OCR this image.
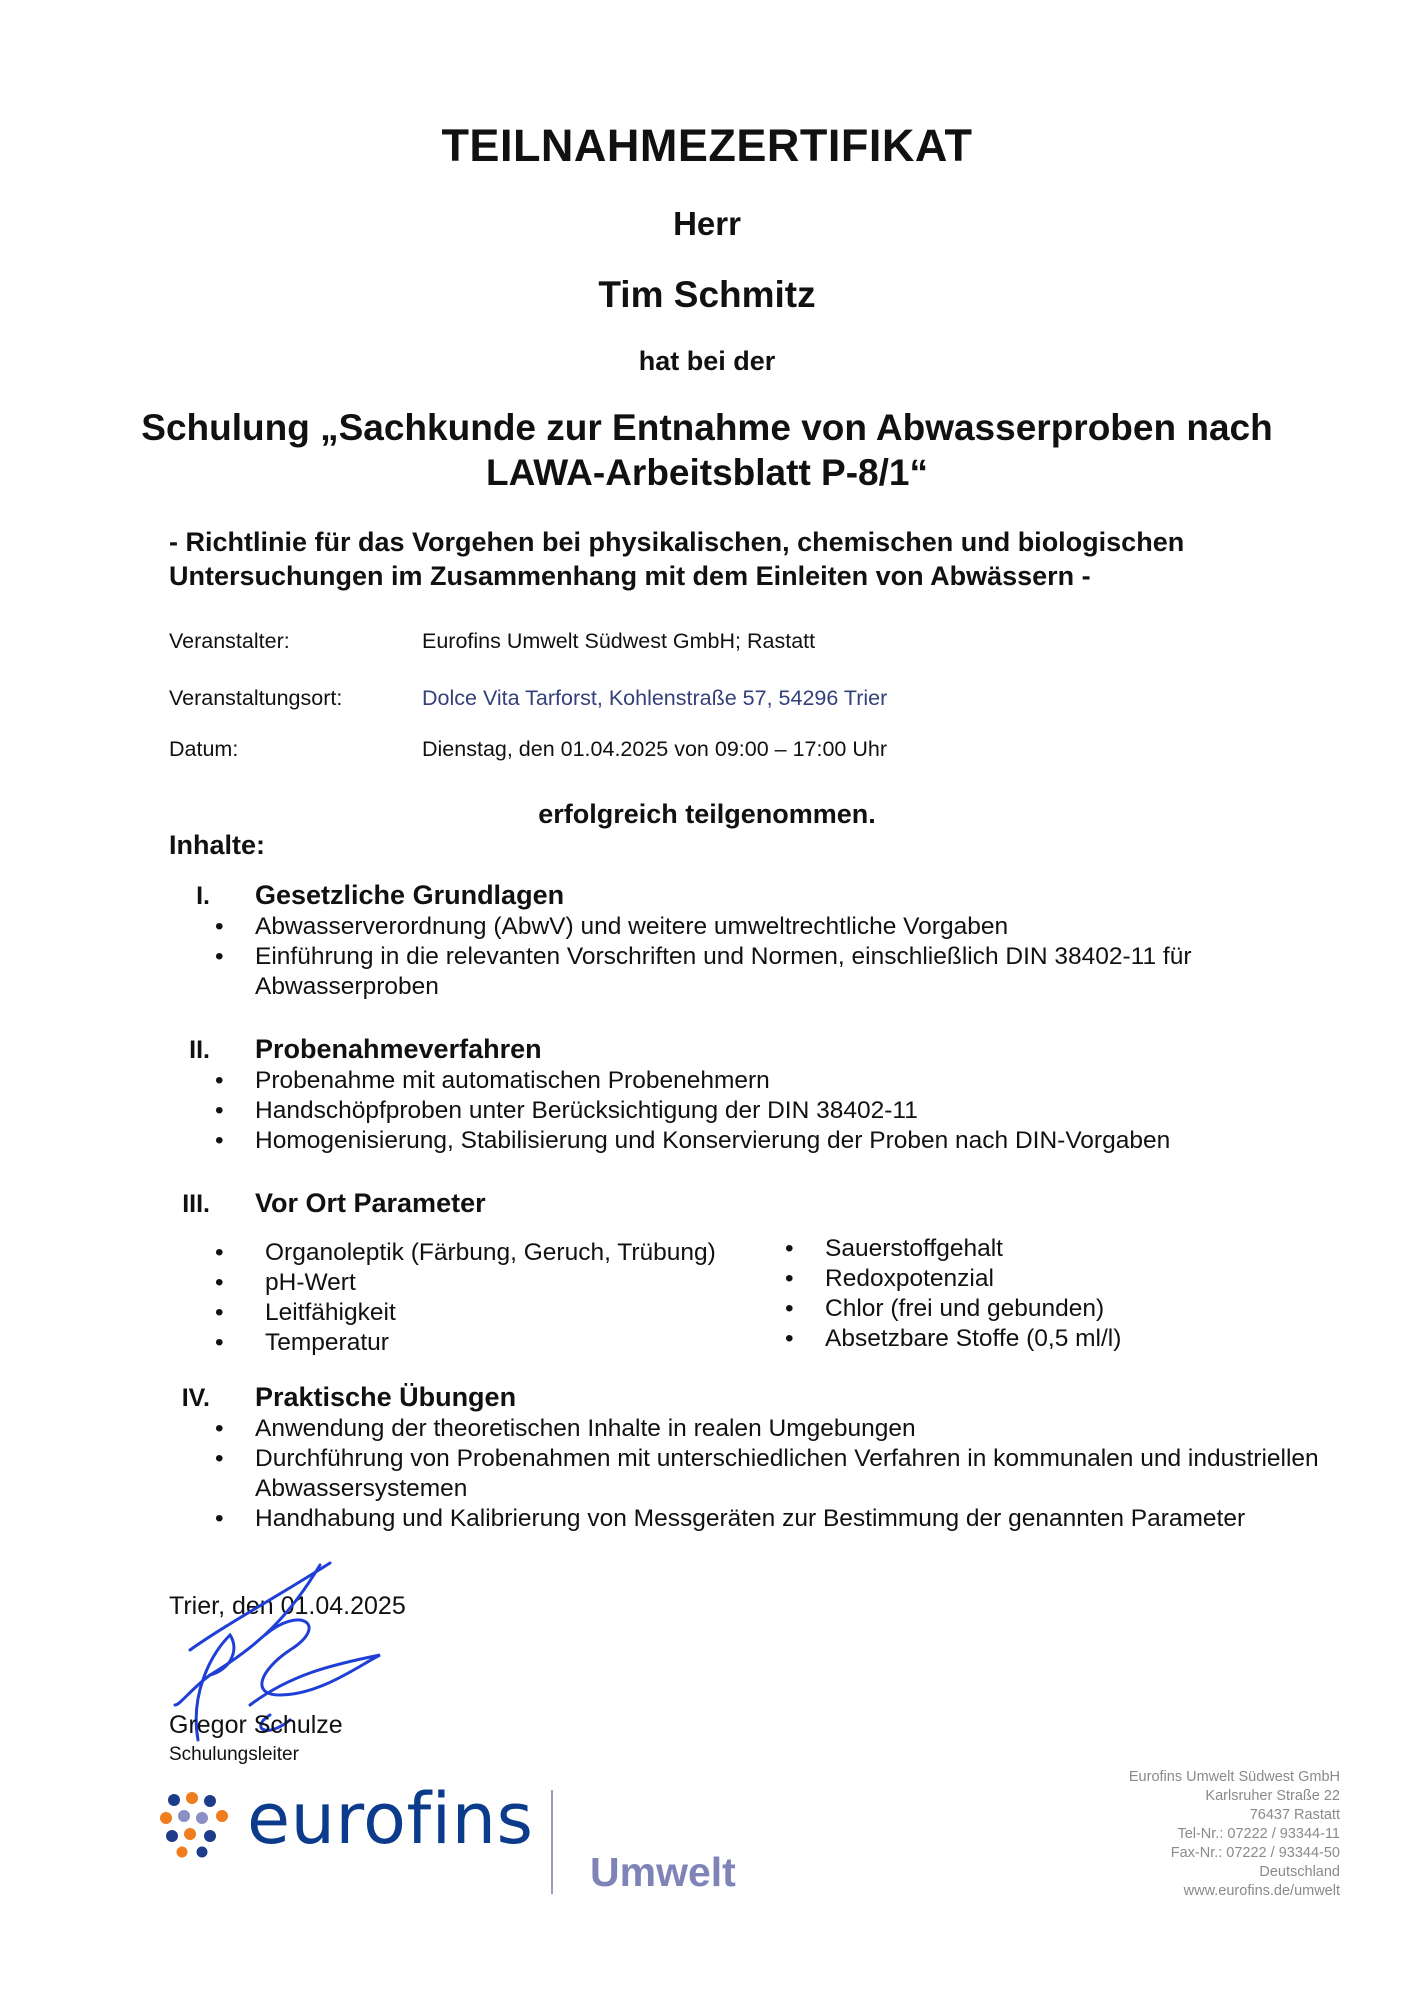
TEILNAHMEZERTIFIKAT
Herr
Tim Schmitz
hat bei der
Schulung „Sachkunde zur Entnahme von Abwasserproben nach
LAWA-Arbeitsblatt P-8/1“
- Richtlinie für das Vorgehen bei physikalischen, chemischen und biologischen
Untersuchungen im Zusammenhang mit dem Einleiten von Abwässern -
Veranstalter:	Eurofins Umwelt Südwest GmbH; Rastatt
Veranstaltungsort:	Dolce Vita Tarforst, Kohlenstraße 57, 54296 Trier
Datum:	Dienstag, den 01.04.2025 von 09:00 – 17:00 Uhr
erfolgreich teilgenommen.
Inhalte:
I. Gesetzliche Grundlagen
• Abwasserverordnung (AbwV) und weitere umweltrechtliche Vorgaben
• Einführung in die relevanten Vorschriften und Normen, einschließlich DIN 38402-11 für Abwasserproben
II. Probenahmeverfahren
• Probenahme mit automatischen Probenehmern
• Handschöpfproben unter Berücksichtigung der DIN 38402-11
• Homogenisierung, Stabilisierung und Konservierung der Proben nach DIN-Vorgaben
III. Vor Ort Parameter
• Organoleptik (Färbung, Geruch, Trübung)
• pH-Wert
• Leitfähigkeit
• Temperatur
• Sauerstoffgehalt
• Redoxpotenzial
• Chlor (frei und gebunden)
• Absetzbare Stoffe (0,5 ml/l)
IV. Praktische Übungen
• Anwendung der theoretischen Inhalte in realen Umgebungen
• Durchführung von Probenahmen mit unterschiedlichen Verfahren in kommunalen und industriellen Abwassersystemen
• Handhabung und Kalibrierung von Messgeräten zur Bestimmung der genannten Parameter
Trier, den 01.04.2025
Gregor Schulze
Schulungsleiter
eurofins
Umwelt
Eurofins Umwelt Südwest GmbH
Karlsruher Straße 22
76437 Rastatt
Tel-Nr.: 07222 / 93344-11
Fax-Nr.: 07222 / 93344-50
Deutschland
www.eurofins.de/umwelt
